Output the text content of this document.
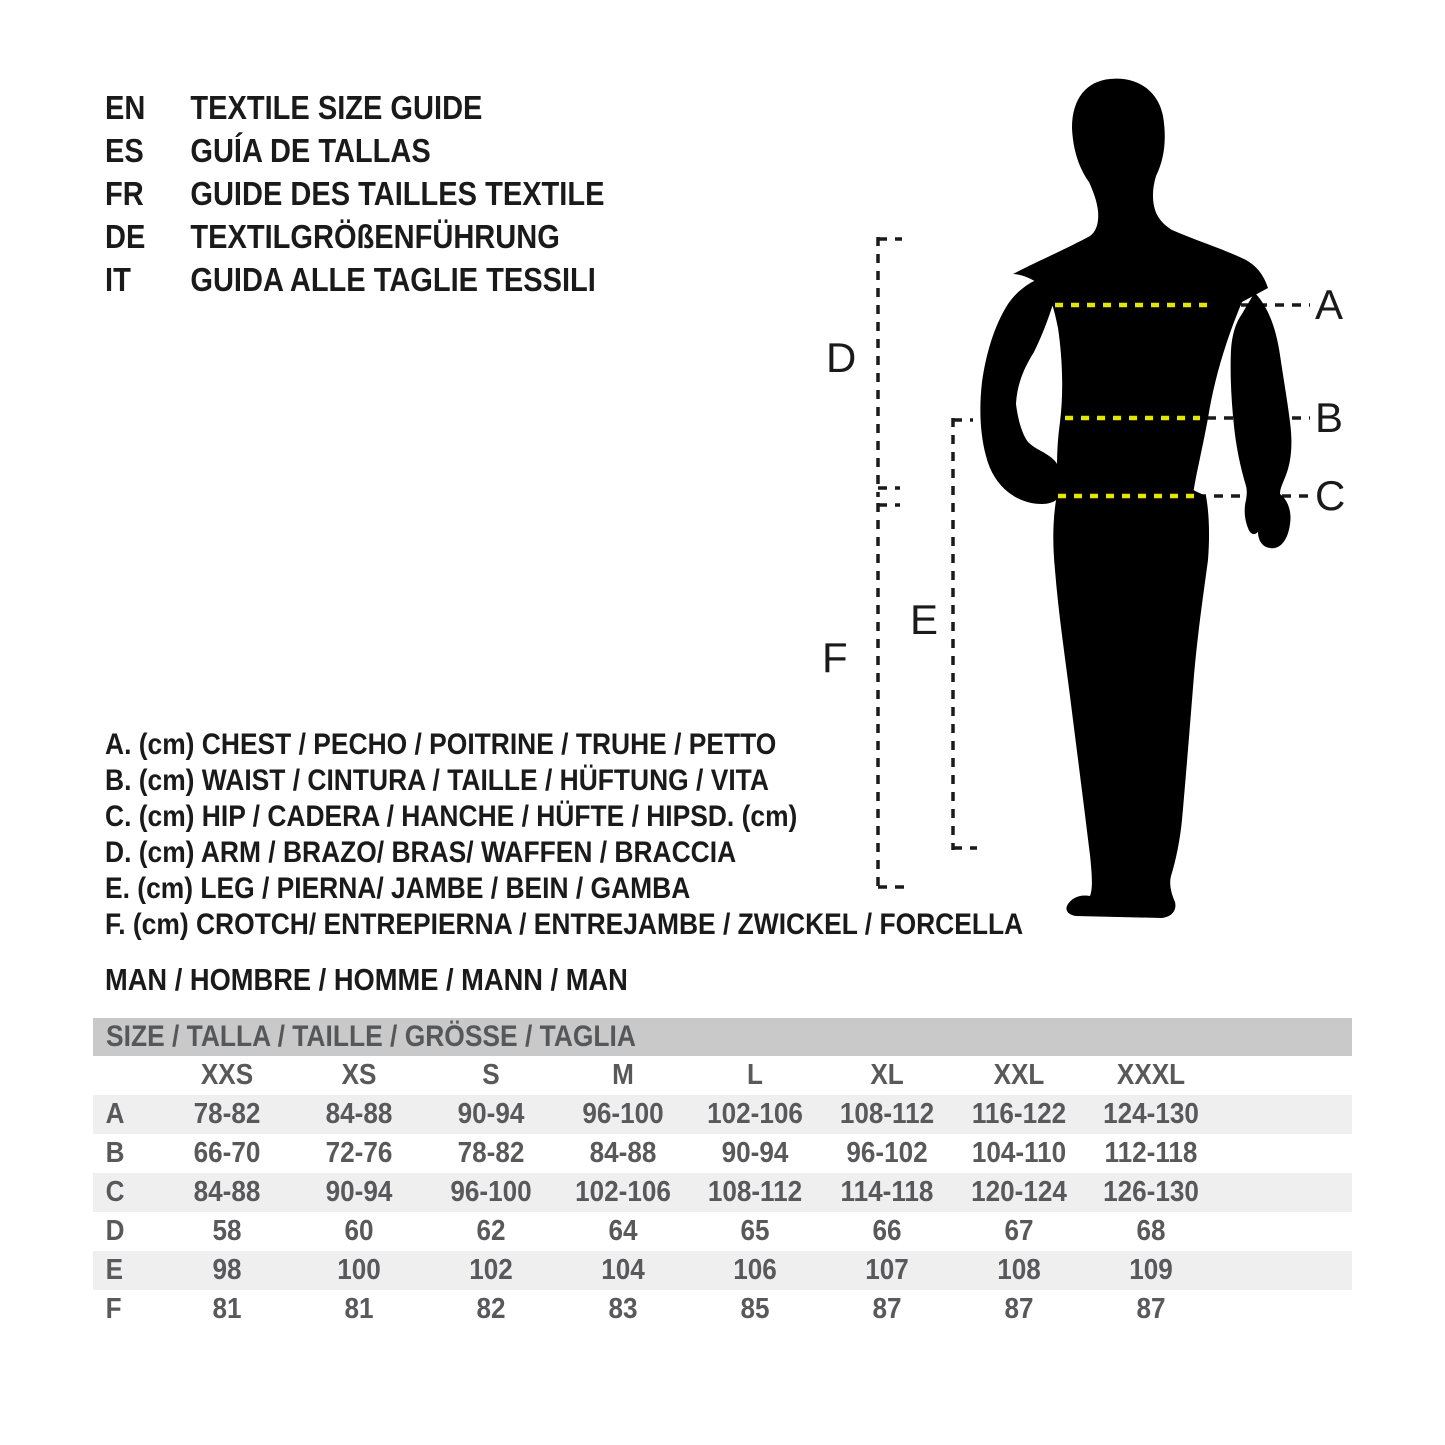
EN TEXTILE SIZE GUIDE
ES GUÍA DE TALLAS
FR GUIDE DES TAILLES TEXTILE
DE TEXTILGRÖßENFÜHRUNG
IT GUIDA ALLE TAGLIE TESSILI
A
B
C
D
E
F
A. (cm) CHEST / PECHO / POITRINE / TRUHE / PETTO
B. (cm) WAIST / CINTURA / TAILLE / HÜFTUNG / VITA
C. (cm) HIP / CADERA / HANCHE / HÜFTE / HIPSD. (cm)
D. (cm) ARM / BRAZO/ BRAS/ WAFFEN / BRACCIA
E. (cm) LEG / PIERNA/ JAMBE / BEIN / GAMBA
F. (cm) CROTCH/ ENTREPIERNA / ENTREJAMBE / ZWICKEL / FORCELLA
MAN / HOMBRE / HOMME / MANN / MAN
SIZE / TALLA / TAILLE / GRÖSSE / TAGLIA
XXS	XS	S	M	L	XL	XXL	XXXL
A	78-82	84-88	90-94	96-100	102-106	108-112	116-122	124-130
B	66-70	72-76	78-82	84-88	90-94	96-102	104-110	112-118
C	84-88	90-94	96-100	102-106	108-112	114-118	120-124	126-130
D	58	60	62	64	65	66	67	68
E	98	100	102	104	106	107	108	109
F	81	81	82	83	85	87	87	87
